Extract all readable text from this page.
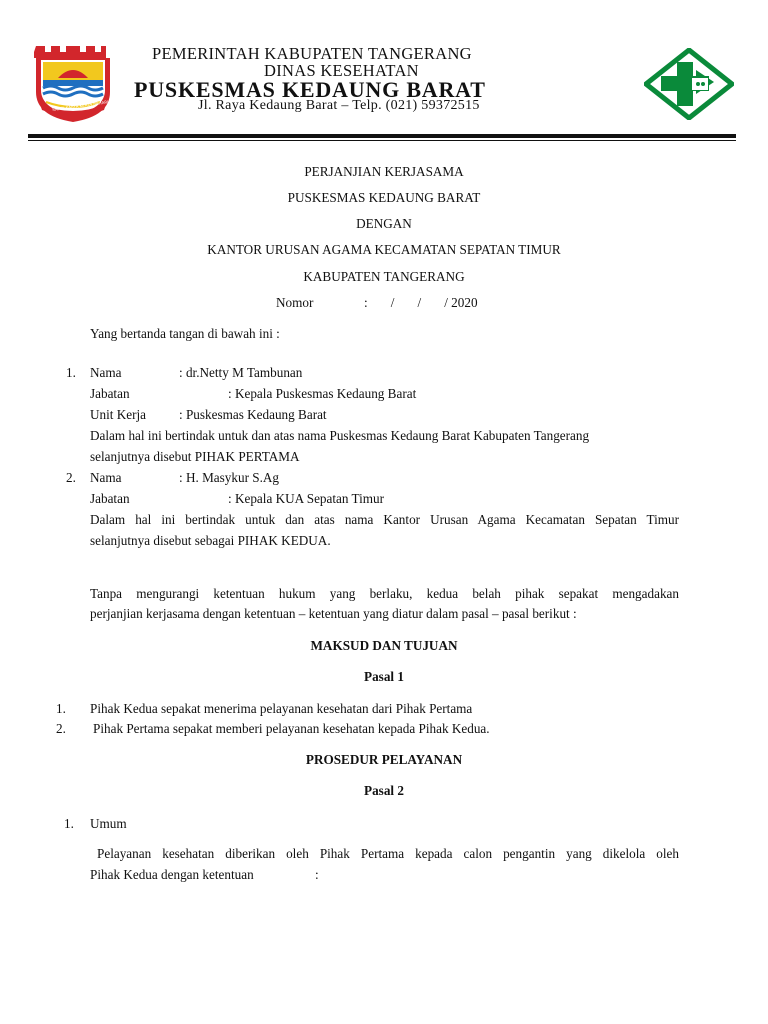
SATYA KARYA KERTA RAHARJA
PEMERINTAH KABUPATEN TANGERANG
DINAS KESEHATAN
PUSKESMAS KEDAUNG BARAT
Jl. Raya Kedaung Barat – Telp. (021) 59372515
PERJANJIAN KERJASAMA
PUSKESMAS KEDAUNG BARAT
DENGAN
KANTOR URUSAN AGAMA KECAMATAN SEPATAN TIMUR
KABUPATEN TANGERANG
Nomor	:       /       /       / 2020
Yang bertanda tangan di bawah ini :
1. Nama	: dr.Netty M Tambunan
Jabatan	: Kepala Puskesmas Kedaung Barat
Unit Kerja : Puskesmas Kedaung Barat
Dalam hal ini bertindak untuk dan atas nama Puskesmas Kedaung Barat Kabupaten Tangerang
selanjutnya disebut PIHAK PERTAMA
2. Nama	: H. Masykur S.Ag
Jabatan	: Kepala KUA Sepatan Timur
Dalam hal ini bertindak untuk dan atas nama Kantor Urusan Agama Kecamatan Sepatan Timur
selanjutnya disebut sebagai PIHAK KEDUA.
Tanpa mengurangi ketentuan hukum yang berlaku, kedua belah pihak sepakat mengadakan
perjanjian kerjasama dengan ketentuan – ketentuan yang diatur dalam pasal – pasal berikut :
MAKSUD DAN TUJUAN
Pasal 1
1. Pihak Kedua sepakat menerima pelayanan kesehatan dari Pihak Pertama
2. Pihak Pertama sepakat memberi pelayanan kesehatan kepada Pihak Kedua.
PROSEDUR PELAYANAN
Pasal 2
1. Umum
Pelayanan kesehatan diberikan oleh Pihak Pertama kepada calon pengantin yang dikelola oleh
Pihak Kedua dengan ketentuan	:
